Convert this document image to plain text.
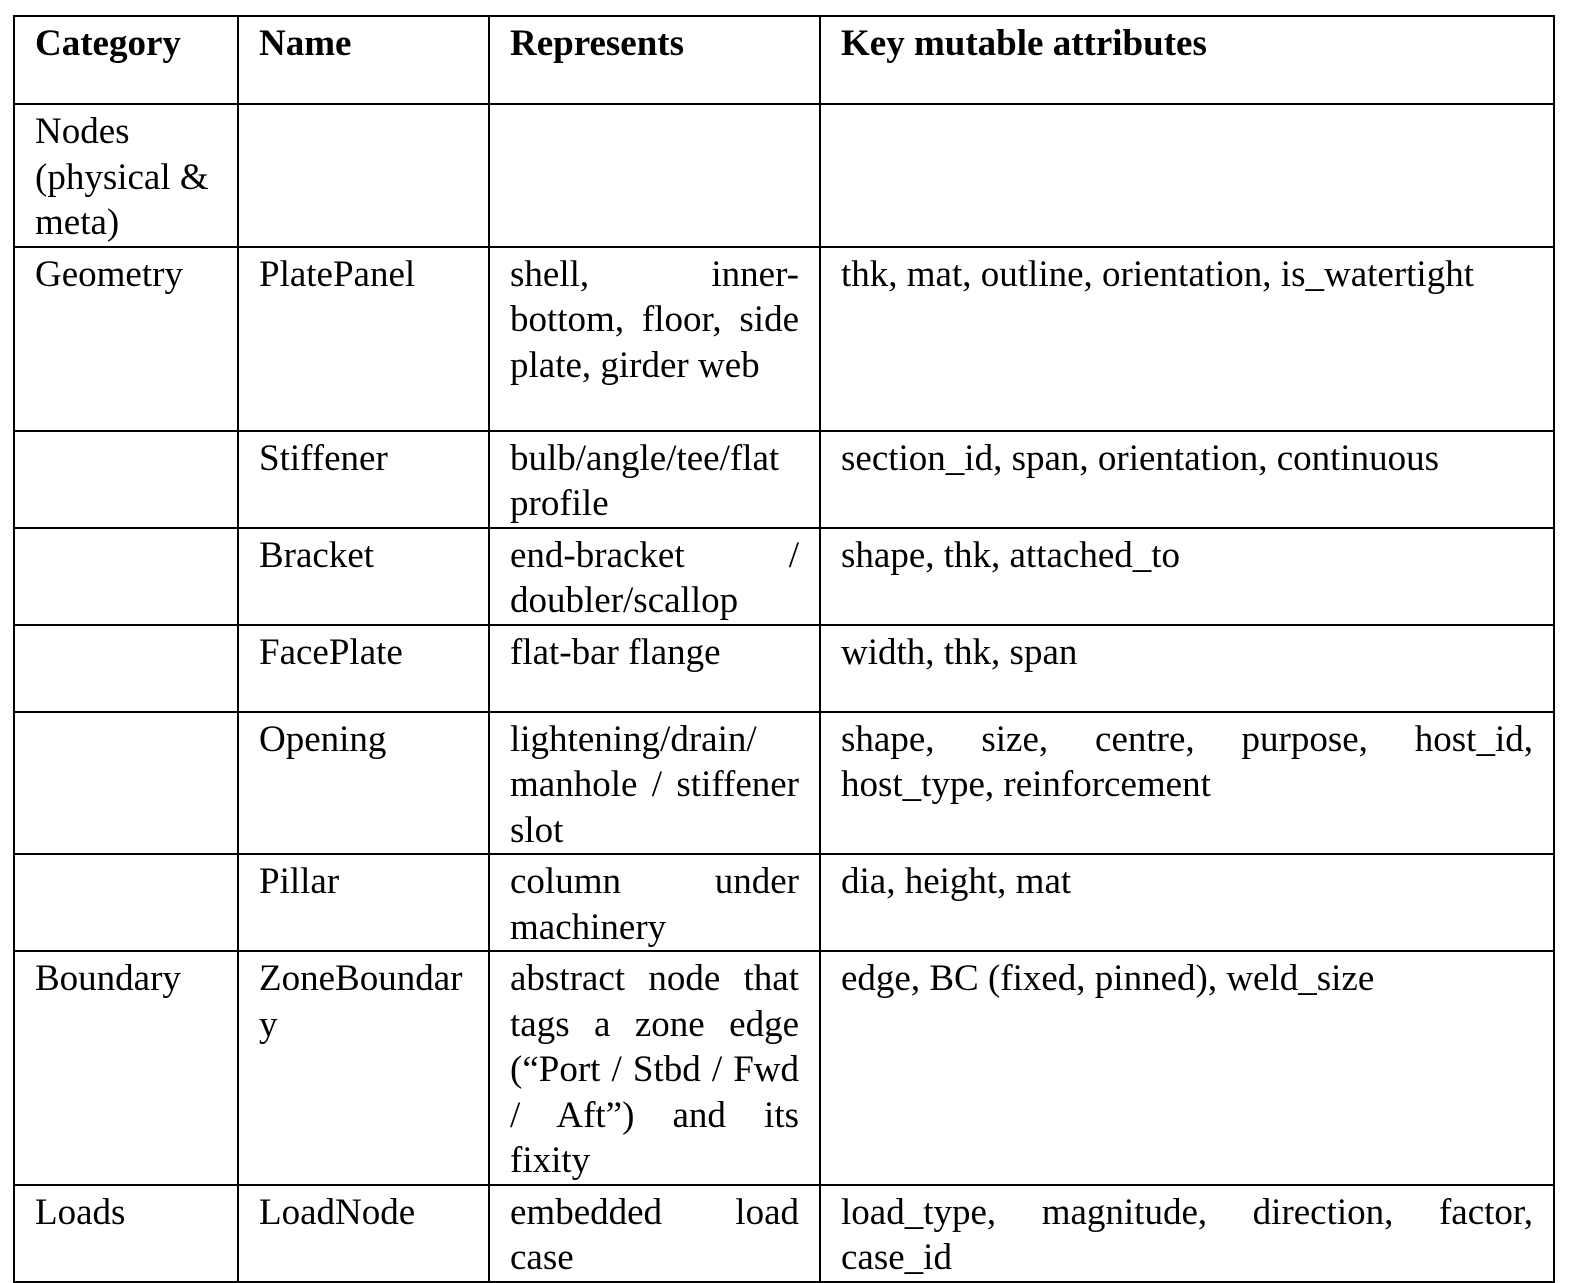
Category	Name	Represents	Key mutable attributes
Nodes (physical & meta)			
Geometry	PlatePanel	shell, inner-bottom, floor, side plate, girder web	thk, mat, outline, orientation, is_watertight
	Stiffener	bulb/angle/tee/flat profile	section_id, span, orientation, continuous
	Bracket	end-bracket / doubler/scallop	shape, thk, attached_to
	FacePlate	flat-bar flange	width, thk, span
	Opening	lightening/drain/ manhole / stiffener slot	shape, size, centre, purpose, host_id, host_type, reinforcement
	Pillar	column under machinery	dia, height, mat
Boundary	ZoneBoundary	abstract node that tags a zone edge (“Port / Stbd / Fwd / Aft”) and its fixity	edge, BC (fixed, pinned), weld_size
Loads	LoadNode	embedded load case	load_type, magnitude, direction, factor, case_id
